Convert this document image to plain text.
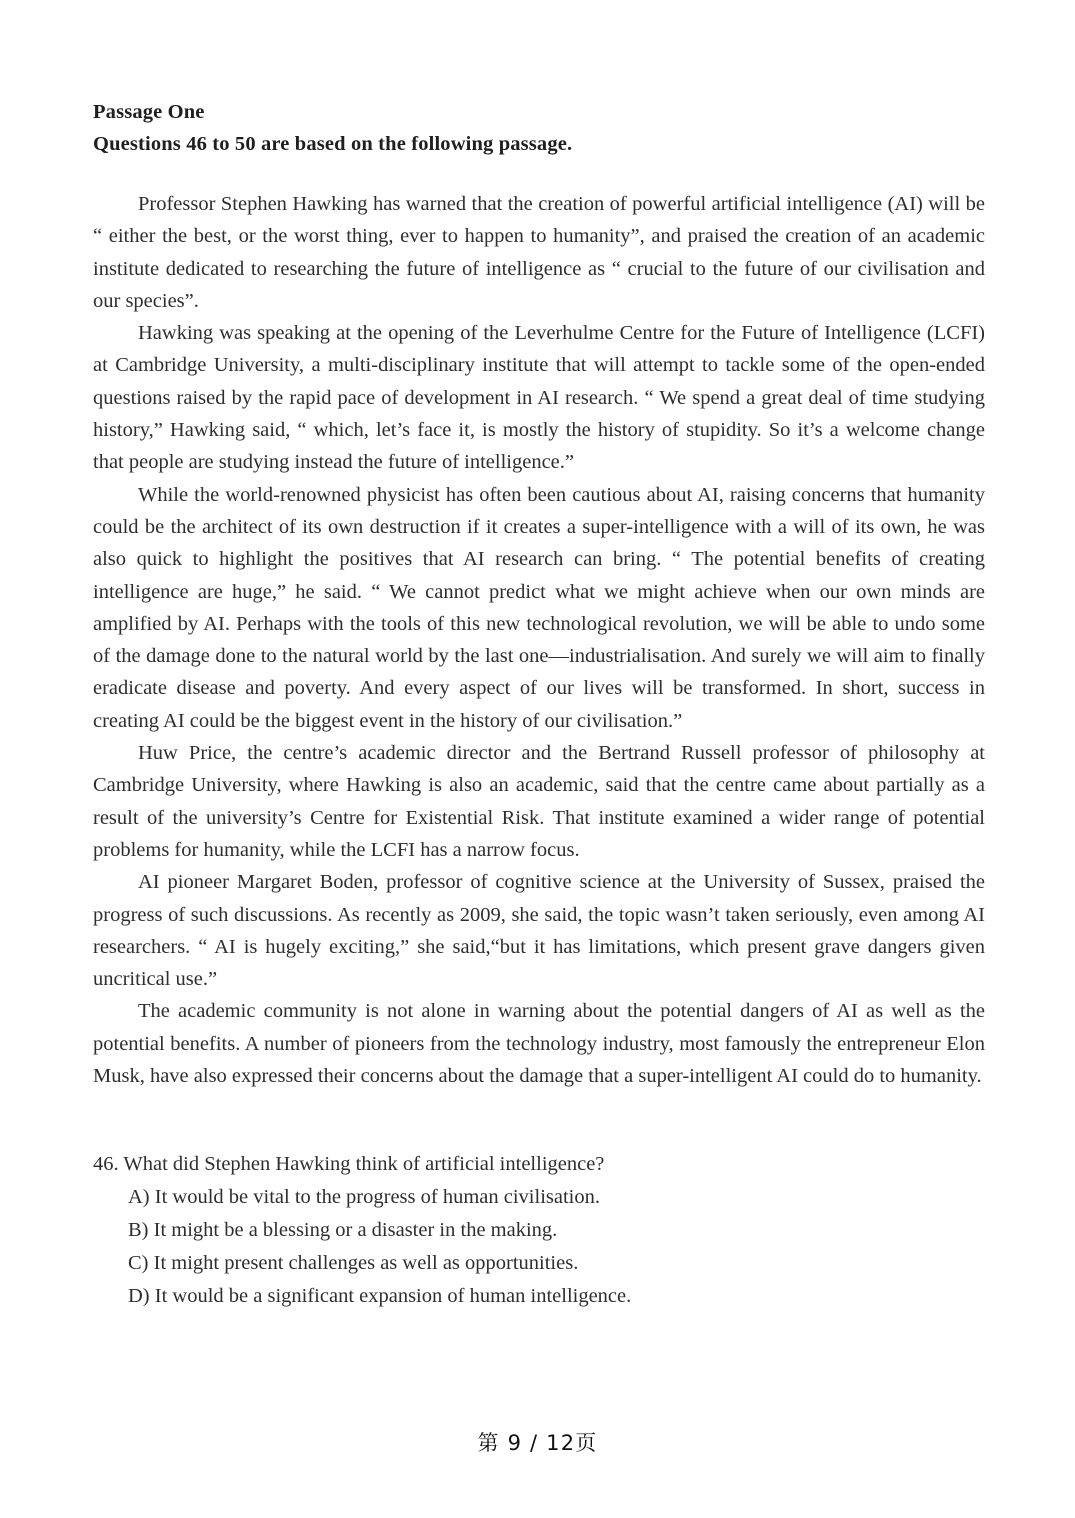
Passage One
Questions 46 to 50 are based on the following passage.

Professor Stephen Hawking has warned that the creation of powerful artificial intelligence (AI) will be “ either the best, or the worst thing, ever to happen to humanity”, and praised the creation of an academic institute dedicated to researching the future of intelligence as “ crucial to the future of our civilisation and our species”.

Hawking was speaking at the opening of the Leverhulme Centre for the Future of Intelligence (LCFI) at Cambridge University, a multi-disciplinary institute that will attempt to tackle some of the open-ended questions raised by the rapid pace of development in AI research. “ We spend a great deal of time studying history,” Hawking said, “ which, let’s face it, is mostly the history of stupidity. So it’s a welcome change that people are studying instead the future of intelligence.”

While the world-renowned physicist has often been cautious about AI, raising concerns that humanity could be the architect of its own destruction if it creates a super-intelligence with a will of its own, he was also quick to highlight the positives that AI research can bring. “ The potential benefits of creating intelligence are huge,” he said. “ We cannot predict what we might achieve when our own minds are amplified by AI. Perhaps with the tools of this new technological revolution, we will be able to undo some of the damage done to the natural world by the last one—industrialisation. And surely we will aim to finally eradicate disease and poverty. And every aspect of our lives will be transformed. In short, success in creating AI could be the biggest event in the history of our civilisation.”

Huw Price, the centre’s academic director and the Bertrand Russell professor of philosophy at Cambridge University, where Hawking is also an academic, said that the centre came about partially as a result of the university’s Centre for Existential Risk. That institute examined a wider range of potential problems for humanity, while the LCFI has a narrow focus.

AI pioneer Margaret Boden, professor of cognitive science at the University of Sussex, praised the progress of such discussions. As recently as 2009, she said, the topic wasn’t taken seriously, even among AI researchers. “ AI is hugely exciting,” she said,“but it has limitations, which present grave dangers given uncritical use.”

The academic community is not alone in warning about the potential dangers of AI as well as the potential benefits. A number of pioneers from the technology industry, most famously the entrepreneur Elon Musk, have also expressed their concerns about the damage that a super-intelligent AI could do to humanity.

46. What did Stephen Hawking think of artificial intelligence?

A) It would be vital to the progress of human civilisation.

B) It might be a blessing or a disaster in the making.

C) It might present challenges as well as opportunities.

D) It would be a significant expansion of human intelligence.

第 9 / 12页
